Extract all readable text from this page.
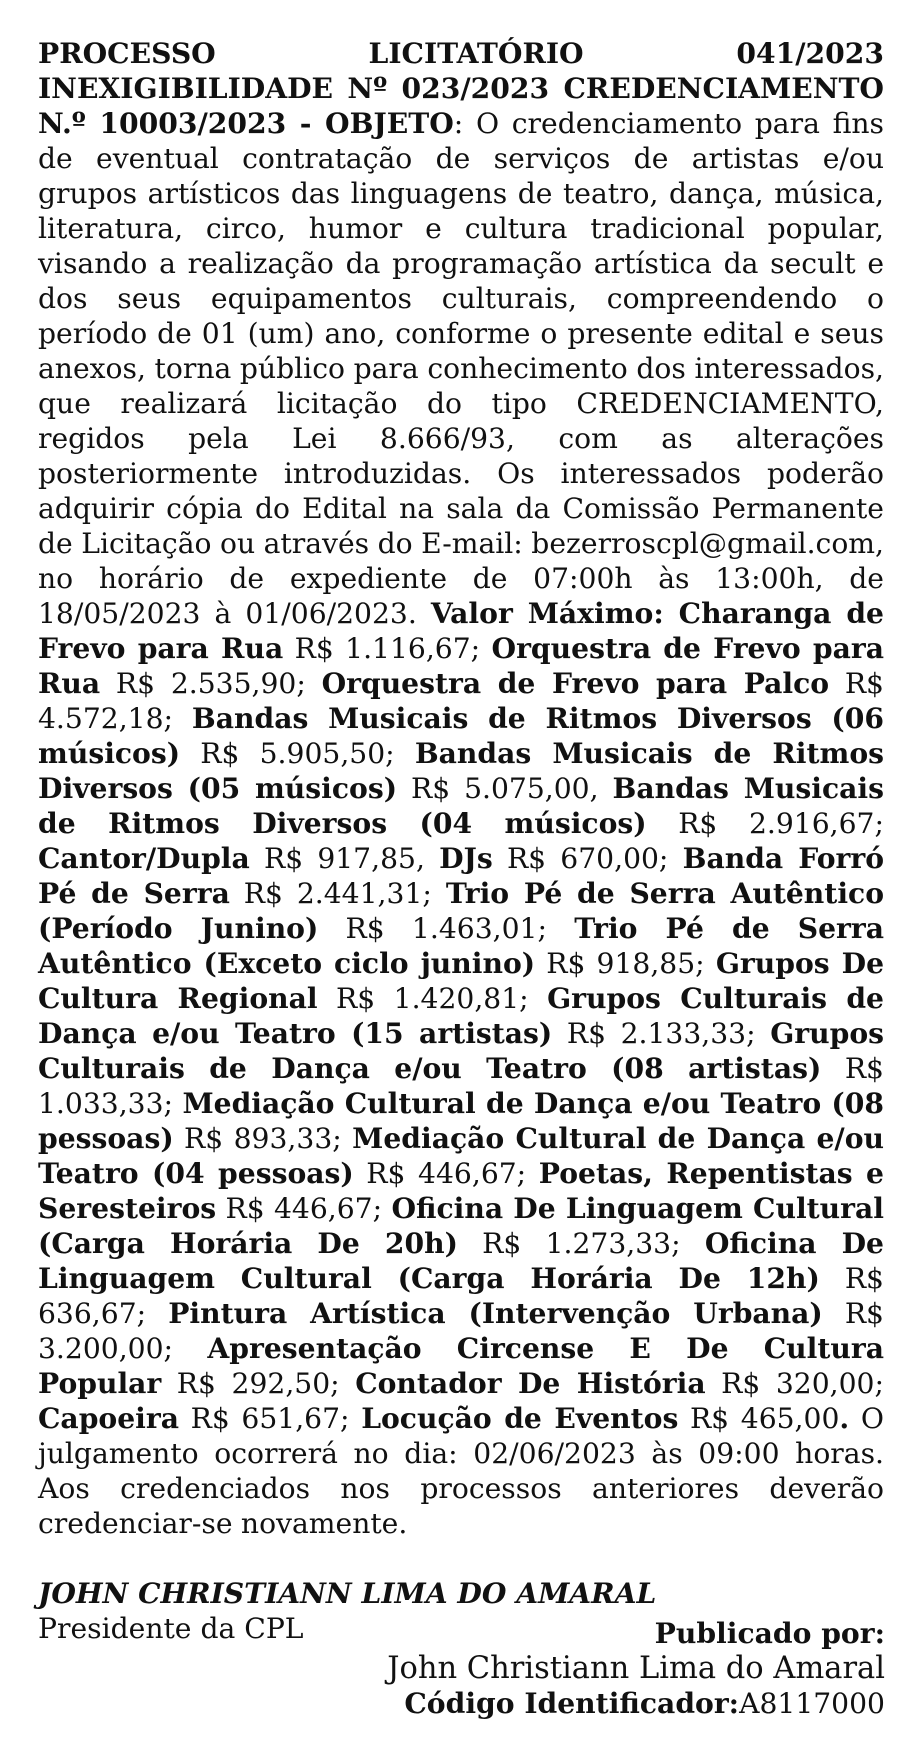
PROCESSO LICITATÓRIO 041/2023 INEXIGIBILIDADE Nº 023/2023 CREDENCIAMENTO N.º 10003/2023 - OBJETO: O credenciamento para fins de eventual contratação de serviços de artistas e/ou grupos artísticos das linguagens de teatro, dança, música, literatura, circo, humor e cultura tradicional popular, visando a realização da programação artística da secult e dos seus equipamentos culturais, compreendendo o período de 01 (um) ano, conforme o presente edital e seus anexos, torna público para conhecimento dos interessados, que realizará licitação do tipo CREDENCIAMENTO, regidos pela Lei 8.666/93, com as alterações posteriormente introduzidas. Os interessados poderão adquirir cópia do Edital na sala da Comissão Permanente de Licitação ou através do E-mail: bezerroscpl@gmail.com, no horário de expediente de 07:00h às 13:00h, de 18/05/2023 à 01/06/2023. Valor Máximo: Charanga de Frevo para Rua R$ 1.116,67; Orquestra de Frevo para Rua R$ 2.535,90; Orquestra de Frevo para Palco R$ 4.572,18; Bandas Musicais de Ritmos Diversos (06 músicos) R$ 5.905,50; Bandas Musicais de Ritmos Diversos (05 músicos) R$ 5.075,00, Bandas Musicais de Ritmos Diversos (04 músicos) R$ 2.916,67; Cantor/Dupla R$ 917,85, DJs R$ 670,00; Banda Forró Pé de Serra R$ 2.441,31; Trio Pé de Serra Autêntico (Período Junino) R$ 1.463,01; Trio Pé de Serra Autêntico (Exceto ciclo junino) R$ 918,85; Grupos De Cultura Regional R$ 1.420,81; Grupos Culturais de Dança e/ou Teatro (15 artistas) R$ 2.133,33; Grupos Culturais de Dança e/ou Teatro (08 artistas) R$ 1.033,33; Mediação Cultural de Dança e/ou Teatro (08 pessoas) R$ 893,33; Mediação Cultural de Dança e/ou Teatro (04 pessoas) R$ 446,67; Poetas, Repentistas e Seresteiros R$ 446,67; Oficina De Linguagem Cultural (Carga Horária De 20h) R$ 1.273,33; Oficina De Linguagem Cultural (Carga Horária De 12h) R$ 636,67; Pintura Artística (Intervenção Urbana) R$ 3.200,00; Apresentação Circense E De Cultura Popular R$ 292,50; Contador De História R$ 320,00; Capoeira R$ 651,67; Locução de Eventos R$ 465,00. O julgamento ocorrerá no dia: 02/06/2023 às 09:00 horas. Aos credenciados nos processos anteriores deverão credenciar-se novamente.

JOHN CHRISTIANN LIMA DO AMARAL
Presidente da CPL	Publicado por:
John Christiann Lima do Amaral
Código Identificador:A8117000
